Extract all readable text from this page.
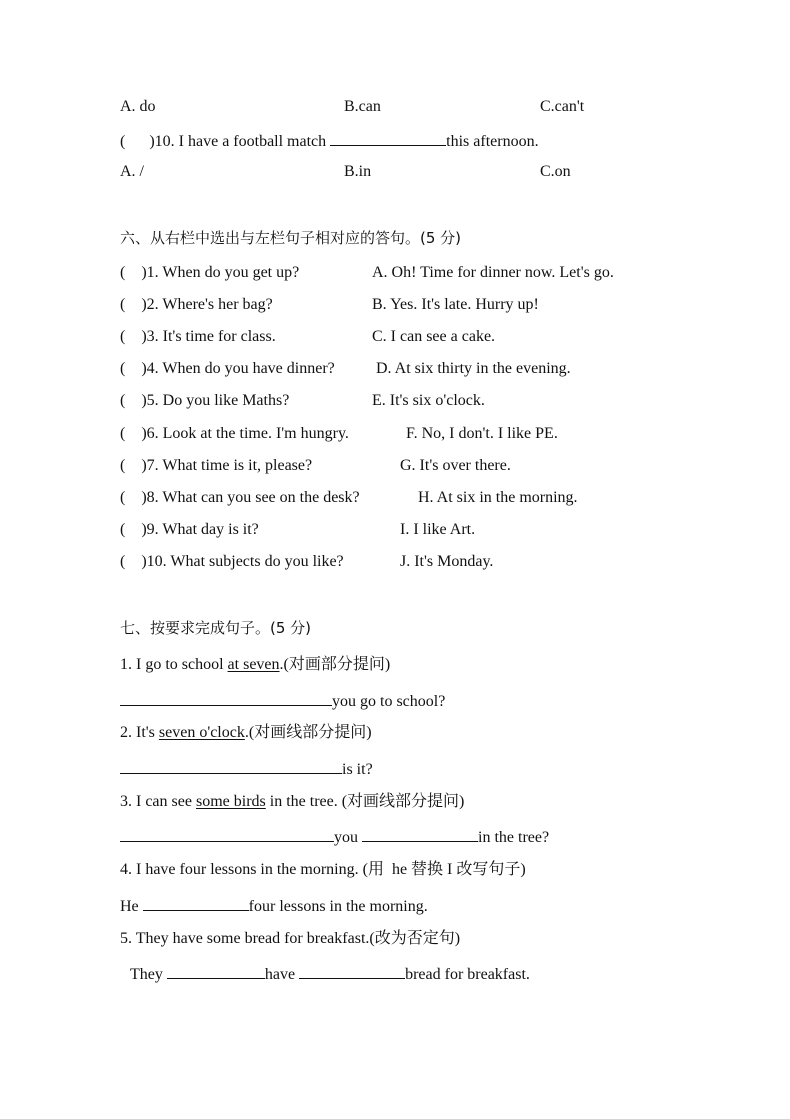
A. do	B.can	C.can't
(      )10. I have a football match	this afternoon.
A. /	B.in	C.on
六、从右栏中选出与左栏句子相对应的答句。(5 分)
(    )1. When do you get up?	A. Oh! Time for dinner now. Let's go.
(    )2. Where's her bag?	B. Yes. It's late. Hurry up!
(    )3. It's time for class.	C. I can see a cake.
(    )4. When do you have dinner?	D. At six thirty in the evening.
(    )5. Do you like Maths?	E. It's six o'clock.
(    )6. Look at the time. I'm hungry.	F. No, I don't. I like PE.
(    )7. What time is it, please?	G. It's over there.
(    )8. What can you see on the desk?	H. At six in the morning.
(    )9. What day is it?	I. I like Art.
(    )10. What subjects do you like?	J. It's Monday.
七、按要求完成句子。(5 分)
1. I go to school at seven.(对画部分提问)
you go to school?
2. It's seven o'clock.(对画线部分提问)
is it?
3. I can see some birds in the tree. (对画线部分提问)
you	in the tree?
4. I have four lessons in the morning. (用  he 替换 I 改写句子)
He	four lessons in the morning.
5. They have some bread for breakfast.(改为否定句)
They	have	bread for breakfast.
